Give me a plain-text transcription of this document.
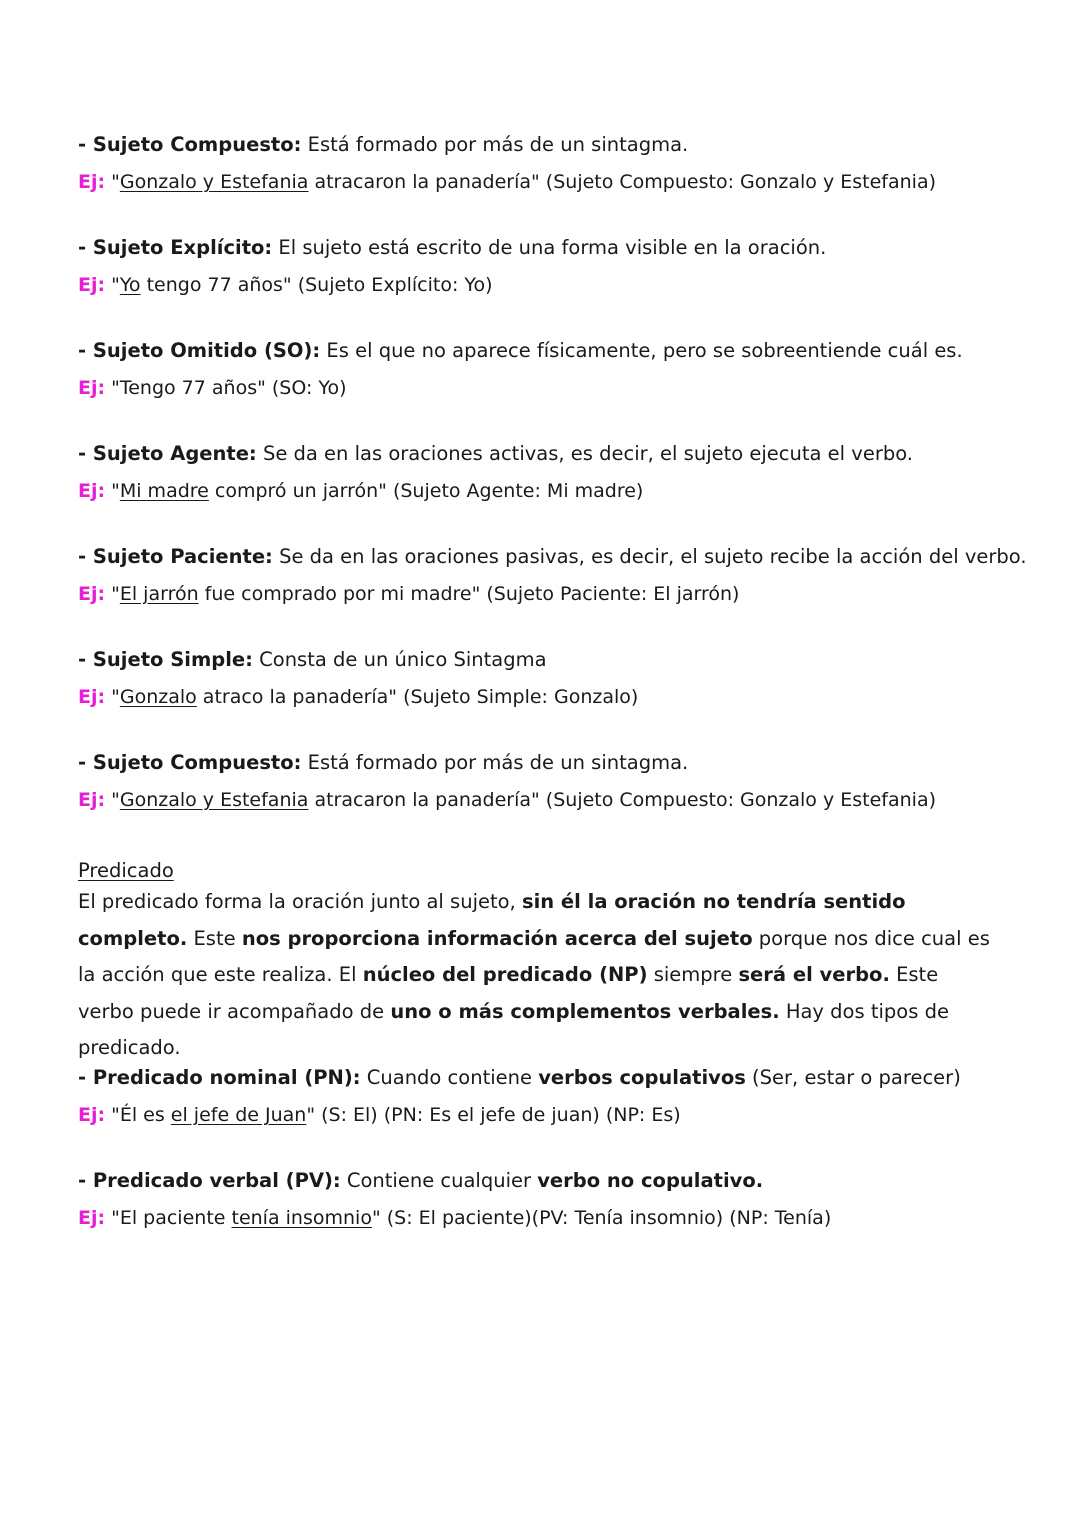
- Sujeto Compuesto: Está formado por más de un sintagma.
Ej: "Gonzalo y Estefania atracaron la panadería" (Sujeto Compuesto: Gonzalo y Estefania)
- Sujeto Explícito: El sujeto está escrito de una forma visible en la oración.
Ej: "Yo tengo 77 años" (Sujeto Explícito: Yo)
- Sujeto Omitido (SO): Es el que no aparece físicamente, pero se sobreentiende cuál es.
Ej: "Tengo 77 años" (SO: Yo)
- Sujeto Agente: Se da en las oraciones activas, es decir, el sujeto ejecuta el verbo.
Ej: "Mi madre compró un jarrón" (Sujeto Agente: Mi madre)
- Sujeto Paciente: Se da en las oraciones pasivas, es decir, el sujeto recibe la acción del verbo.
Ej: "El jarrón fue comprado por mi madre" (Sujeto Paciente: El jarrón)
- Sujeto Simple: Consta de un único Sintagma
Ej: "Gonzalo atraco la panadería" (Sujeto Simple: Gonzalo)
- Sujeto Compuesto: Está formado por más de un sintagma.
Ej: "Gonzalo y Estefania atracaron la panadería" (Sujeto Compuesto: Gonzalo y Estefania)
Predicado
El predicado forma la oración junto al sujeto, sin él la oración no tendría sentido completo. Este nos proporciona información acerca del sujeto porque nos dice cual es la acción que este realiza. El núcleo del predicado (NP) siempre será el verbo. Este verbo puede ir acompañado de uno o más complementos verbales. Hay dos tipos de predicado.
- Predicado nominal (PN): Cuando contiene verbos copulativos (Ser, estar o parecer)
Ej: "Él es el jefe de Juan" (S: El) (PN: Es el jefe de juan) (NP: Es)
- Predicado verbal (PV): Contiene cualquier verbo no copulativo.
Ej: "El paciente tenía insomnio" (S: El paciente)(PV: Tenía insomnio) (NP: Tenía)
